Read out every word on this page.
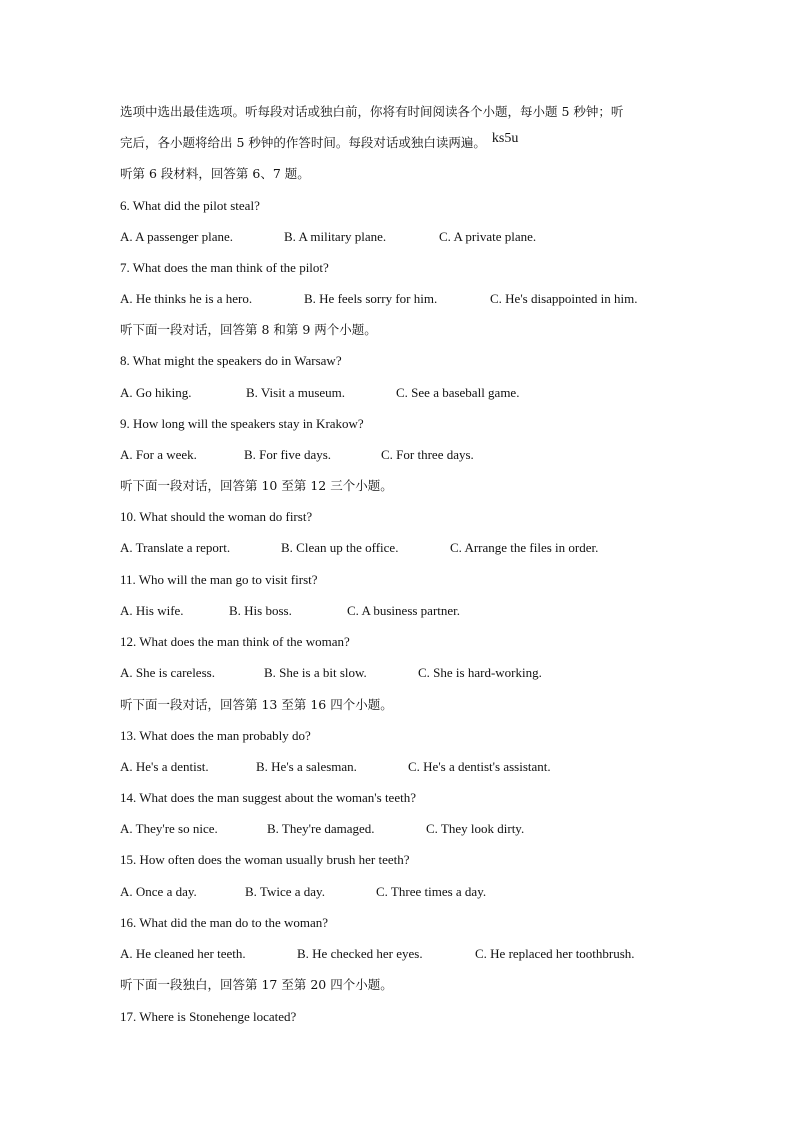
选项中选出最佳选项。听每段对话或独白前，你将有时间阅读各个小题，每小题 5 秒钟；听
完后，各小题将给出 5 秒钟的作答时间。每段对话或独白读两遍。 ks5u
听第 6 段材料，回答第 6、7 题。
6. What did the pilot steal?
A. A passenger plane.	B. A military plane.	C. A private plane.
7. What does the man think of the pilot?
A. He thinks he is a hero.	B. He feels sorry for him.	C. He's disappointed in him.
听下面一段对话，回答第 8 和第 9 两个小题。
8. What might the speakers do in Warsaw?
A. Go hiking.	B. Visit a museum.	C. See a baseball game.
9. How long will the speakers stay in Krakow?
A. For a week.	B. For five days.	C. For three days.
听下面一段对话，回答第 10 至第 12 三个小题。
10. What should the woman do first?
A. Translate a report.	B. Clean up the office.	C. Arrange the files in order.
11. Who will the man go to visit first?
A. His wife.	B. His boss.	C. A business partner.
12. What does the man think of the woman?
A. She is careless.	B. She is a bit slow.	C. She is hard-working.
听下面一段对话，回答第 13 至第 16 四个小题。
13. What does the man probably do?
A. He's a dentist.	B. He's a salesman.	C. He's a dentist's assistant.
14. What does the man suggest about the woman's teeth?
A. They're so nice.	B. They're damaged.	C. They look dirty.
15. How often does the woman usually brush her teeth?
A. Once a day.	B. Twice a day.	C. Three times a day.
16. What did the man do to the woman?
A. He cleaned her teeth.	B. He checked her eyes.	C. He replaced her toothbrush.
听下面一段独白，回答第 17 至第 20 四个小题。
17. Where is Stonehenge located?
